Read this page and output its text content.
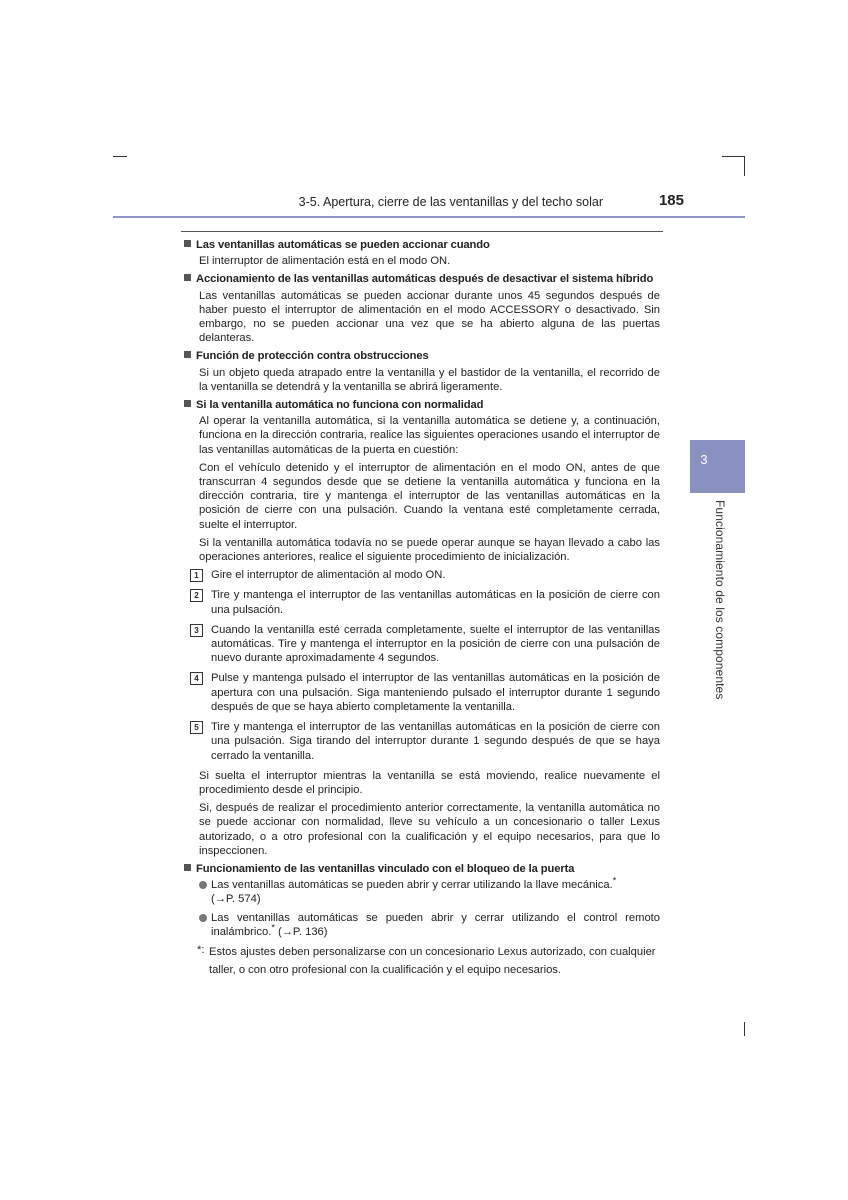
3-5. Apertura, cierre de las ventanillas y del techo solar	185
3
Funcionamiento de los componentes
Las ventanillas automáticas se pueden accionar cuando

El interruptor de alimentación está en el modo ON.

Accionamiento de las ventanillas automáticas después de desactivar el sistema híbrido

Las ventanillas automáticas se pueden accionar durante unos 45 segundos después de haber puesto el interruptor de alimentación en el modo ACCESSORY o desactivado. Sin embargo, no se pueden accionar una vez que se ha abierto alguna de las puertas delanteras.

Función de protección contra obstrucciones

Si un objeto queda atrapado entre la ventanilla y el bastidor de la ventanilla, el recorrido de la ventanilla se detendrá y la ventanilla se abrirá ligeramente.

Si la ventanilla automática no funciona con normalidad

Al operar la ventanilla automática, si la ventanilla automática se detiene y, a continuación, funciona en la dirección contraria, realice las siguientes operaciones usando el interruptor de las ventanillas automáticas de la puerta en cuestión:

Con el vehículo detenido y el interruptor de alimentación en el modo ON, antes de que transcurran 4 segundos desde que se detiene la ventanilla automática y funciona en la dirección contraria, tire y mantenga el interruptor de las ventanillas automáticas en la posición de cierre con una pulsación. Cuando la ventana esté completamente cerrada, suelte el interruptor.

Si la ventanilla automática todavía no se puede operar aunque se hayan llevado a cabo las operaciones anteriores, realice el siguiente procedimiento de inicialización.

1	Gire el interruptor de alimentación al modo ON.
2	Tire y mantenga el interruptor de las ventanillas automáticas en la posición de cierre con una pulsación.
3	Cuando la ventanilla esté cerrada completamente, suelte el interruptor de las ventanillas automáticas. Tire y mantenga el interruptor en la posición de cierre con una pulsación de nuevo durante aproximadamente 4 segundos.
4	Pulse y mantenga pulsado el interruptor de las ventanillas automáticas en la posición de apertura con una pulsación. Siga manteniendo pulsado el interruptor durante 1 segundo después de que se haya abierto completamente la ventanilla.
5	Tire y mantenga el interruptor de las ventanillas automáticas en la posición de cierre con una pulsación. Siga tirando del interruptor durante 1 segundo después de que se haya cerrado la ventanilla.

Si suelta el interruptor mientras la ventanilla se está moviendo, realice nuevamente el procedimiento desde el principio.

Si, después de realizar el procedimiento anterior correctamente, la ventanilla automática no se puede accionar con normalidad, lleve su vehículo a un concesionario o taller Lexus autorizado, o a otro profesional con la cualificación y el equipo necesarios, para que lo inspeccionen.

Funcionamiento de las ventanillas vinculado con el bloqueo de la puerta
Las ventanillas automáticas se pueden abrir y cerrar utilizando la llave mecánica.*
(→P. 574)
Las ventanillas automáticas se pueden abrir y cerrar utilizando el control remoto inalámbrico.* (→P. 136)
*: Estos ajustes deben personalizarse con un concesionario Lexus autorizado, con cualquier taller, o con otro profesional con la cualificación y el equipo necesarios.
